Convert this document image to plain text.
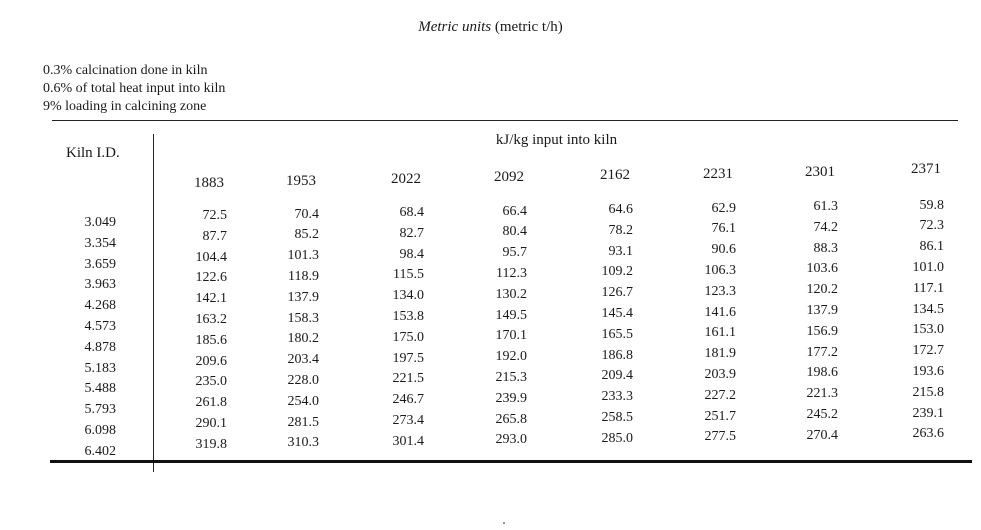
Metric units (metric t/h)
0.3% calcination done in kiln
0.6% of total heat input into kiln
9% loading in calcining zone
Kiln I.D.
kJ/kg input into kiln
1883	1953	2022	2092	2162	2231	2301	2371
3.049	72.5	70.4	68.4	66.4	64.6	62.9	61.3	59.8
3.354	87.7	85.2	82.7	80.4	78.2	76.1	74.2	72.3
3.659	104.4	101.3	98.4	95.7	93.1	90.6	88.3	86.1
3.963	122.6	118.9	115.5	112.3	109.2	106.3	103.6	101.0
4.268	142.1	137.9	134.0	130.2	126.7	123.3	120.2	117.1
4.573	163.2	158.3	153.8	149.5	145.4	141.6	137.9	134.5
4.878	185.6	180.2	175.0	170.1	165.5	161.1	156.9	153.0
5.183	209.6	203.4	197.5	192.0	186.8	181.9	177.2	172.7
5.488	235.0	228.0	221.5	215.3	209.4	203.9	198.6	193.6
5.793	261.8	254.0	246.7	239.9	233.3	227.2	221.3	215.8
6.098	290.1	281.5	273.4	265.8	258.5	251.7	245.2	239.1
6.402	319.8	310.3	301.4	293.0	285.0	277.5	270.4	263.6
